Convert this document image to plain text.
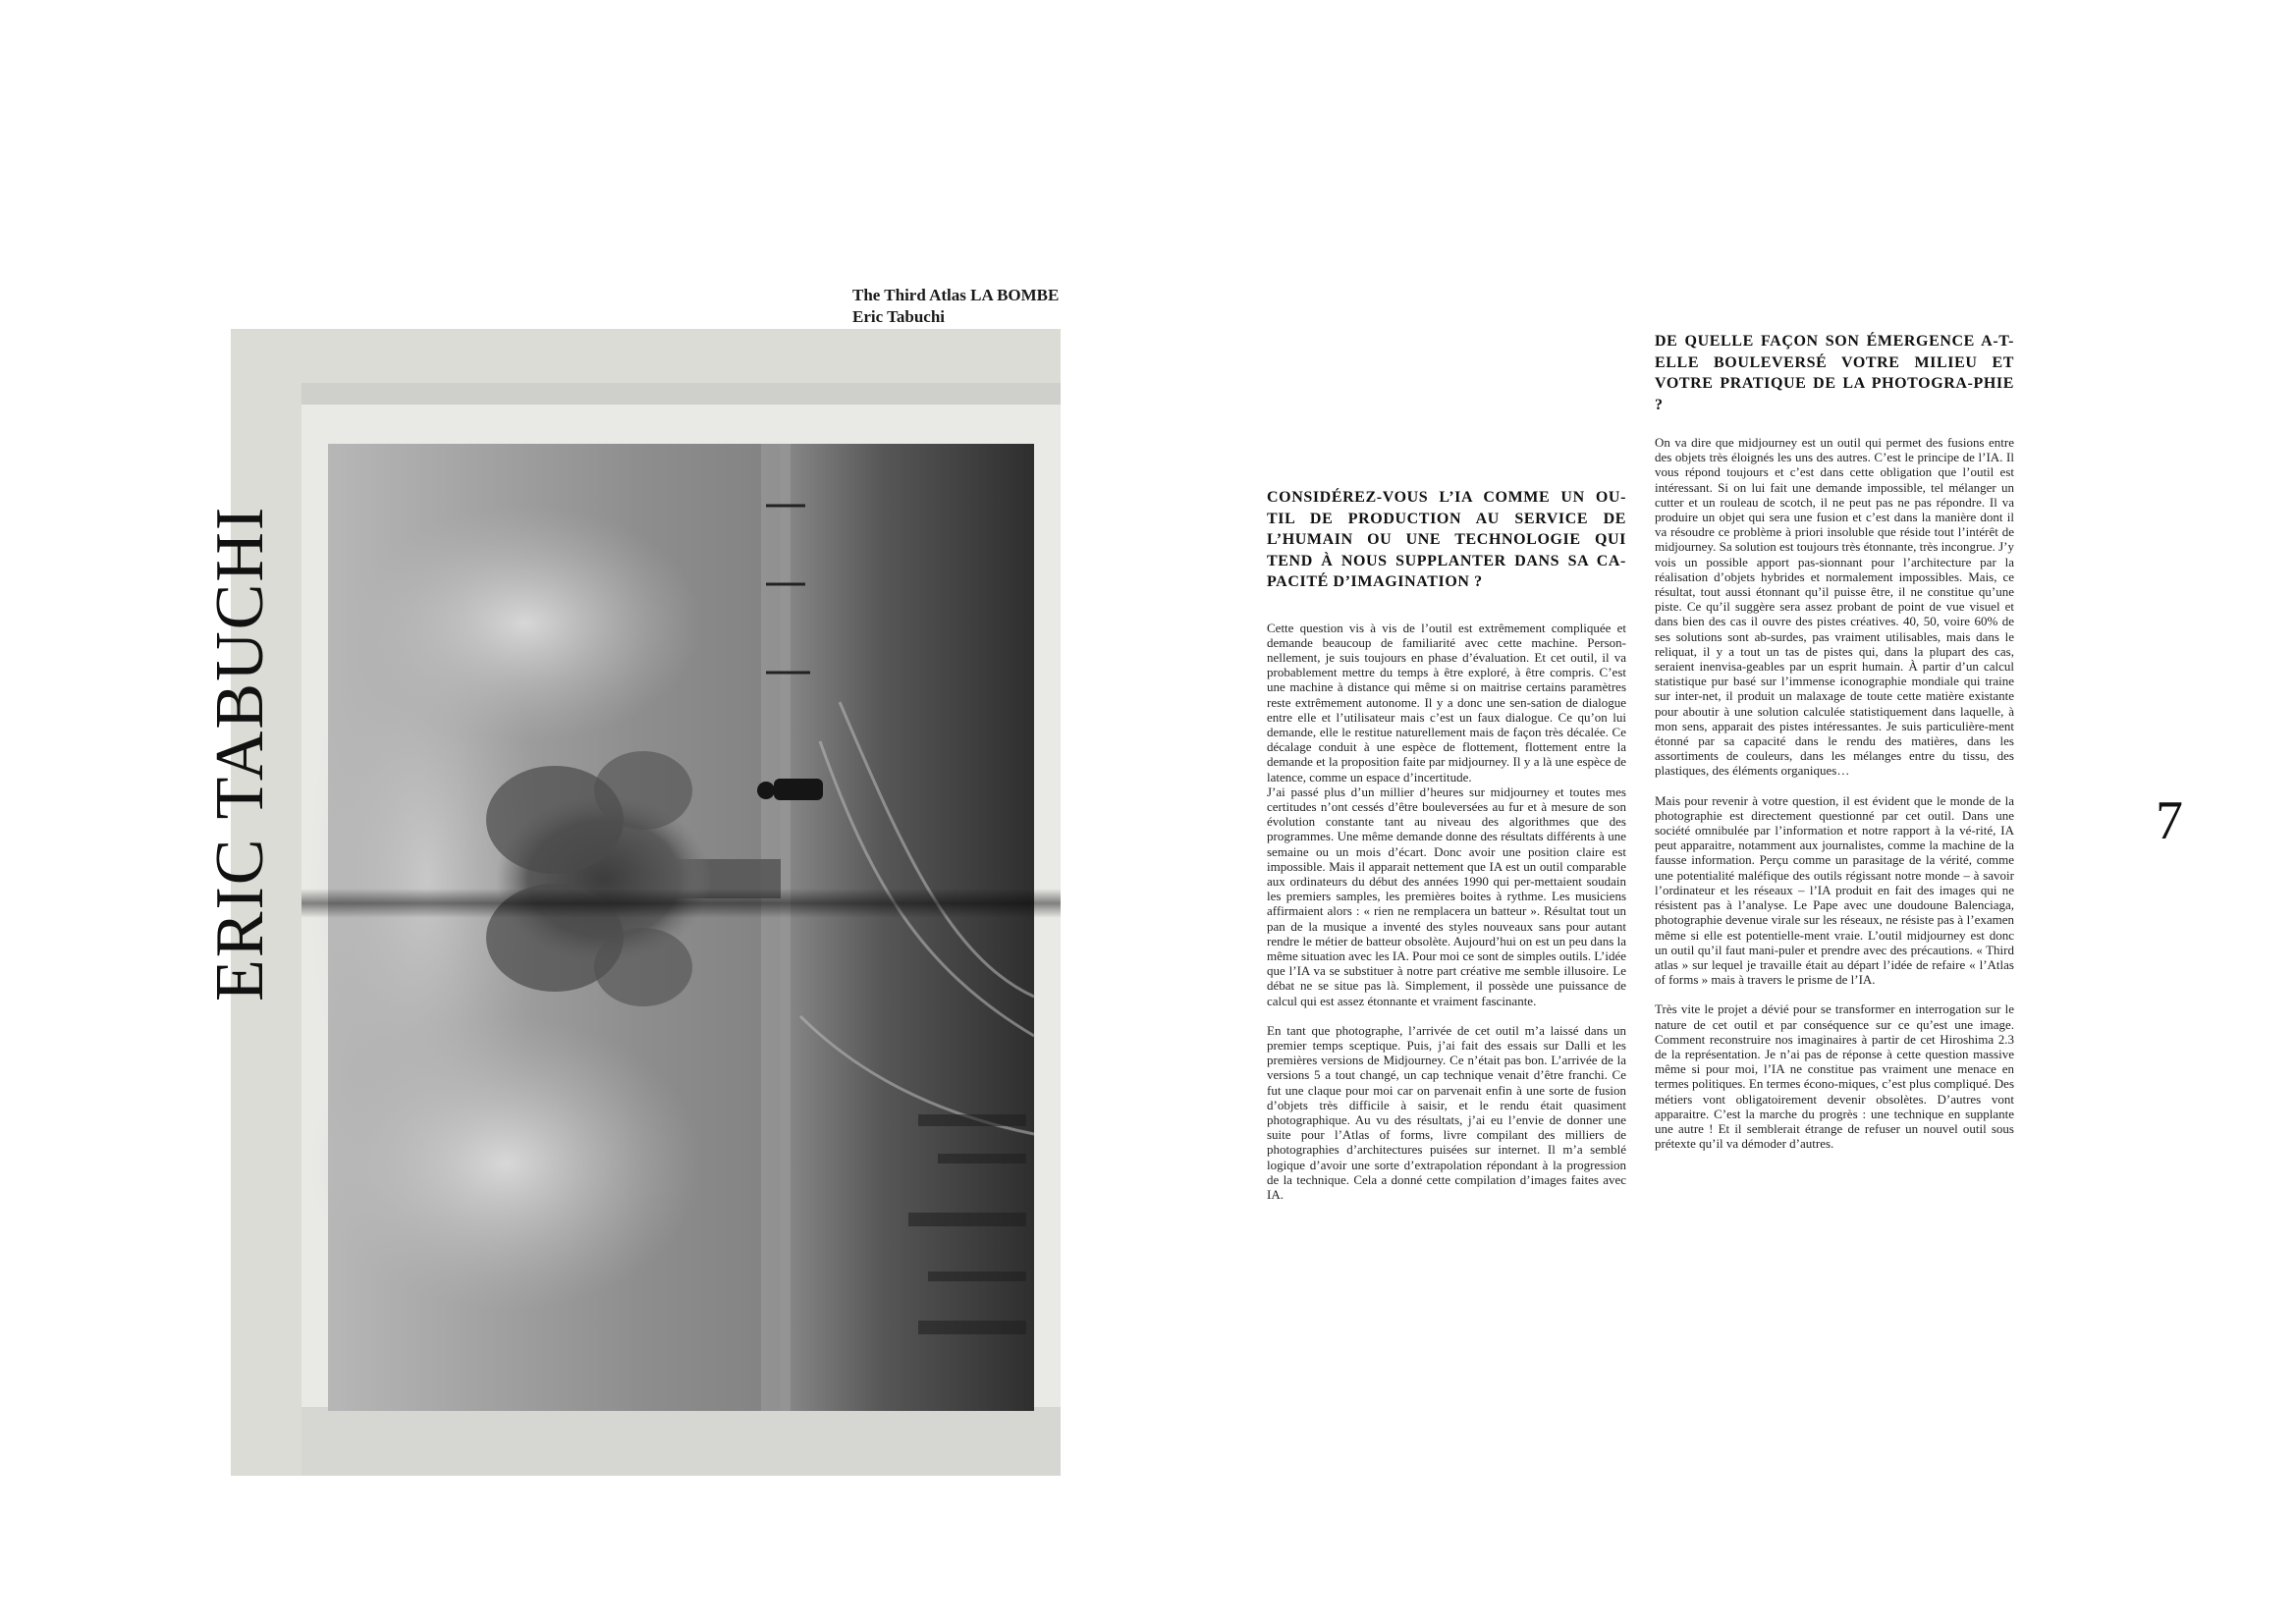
The Third Atlas LA BOMBE
Eric Tabuchi
ERIC TABUCHI
CONSIDÉREZ-VOUS L’IA COMME UN OU-TIL DE PRODUCTION AU SERVICE DE L’HUMAIN OU UNE TECHNOLOGIE QUI TEND À NOUS SUPPLANTER DANS SA CA-PACITÉ D’IMAGINATION ?

Cette question vis à vis de l’outil est extrêmement compliquée et demande beaucoup de familiarité avec cette machine. Person-nellement, je suis toujours en phase d’évaluation. Et cet outil, il va probablement mettre du temps à être exploré, à être compris. C’est une machine à distance qui même si on maitrise certains paramètres reste extrêmement autonome. Il y a donc une sen-sation de dialogue entre elle et l’utilisateur mais c’est un faux dialogue. Ce qu’on lui demande, elle le restitue naturellement mais de façon très décalée. Ce décalage conduit à une espèce de flottement, flottement entre la demande et la proposition faite par midjourney. Il y a là une espèce de latence, comme un espace d’incertitude.

J’ai passé plus d’un millier d’heures sur midjourney et toutes mes certitudes n’ont cessés d’être bouleversées au fur et à mesure de son évolution constante tant au niveau des algorithmes que des programmes. Une même demande donne des résultats différents à une semaine ou un mois d’écart. Donc avoir une position claire est impossible. Mais il apparait nettement que IA est un outil comparable aux ordinateurs du début des années 1990 qui per-mettaient soudain les premiers samples, les premières boites à rythme. Les musiciens affirmaient alors : « rien ne remplacera un batteur ». Résultat tout un pan de la musique a inventé des styles nouveaux sans pour autant rendre le métier de batteur obsolète. Aujourd’hui on est un peu dans la même situation avec les IA. Pour moi ce sont de simples outils. L’idée que l’IA va se substituer à notre part créative me semble illusoire. Le débat ne se situe pas là. Simplement, il possède une puissance de calcul qui est assez étonnante et vraiment fascinante.

En tant que photographe, l’arrivée de cet outil m’a laissé dans un premier temps sceptique. Puis, j’ai fait des essais sur Dalli et les premières versions de Midjourney. Ce n’était pas bon. L’arrivée de la versions 5 a tout changé, un cap technique venait d’être franchi. Ce fut une claque pour moi car on parvenait enfin à une sorte de fusion d’objets très difficile à saisir, et le rendu était quasiment photographique. Au vu des résultats, j’ai eu l’envie de donner une suite pour l’Atlas of forms, livre compilant des milliers de photographies d’architectures puisées sur internet. Il m’a semblé logique d’avoir une sorte d’extrapolation répondant à la progression de la technique. Cela a donné cette compilation d’images faites avec IA.

DE QUELLE FAÇON SON ÉMERGENCE A-T-ELLE BOULEVERSÉ VOTRE MILIEU ET VOTRE PRATIQUE DE LA PHOTOGRA-PHIE ?

On va dire que midjourney est un outil qui permet des fusions entre des objets très éloignés les uns des autres. C’est le principe de l’IA. Il vous répond toujours et c’est dans cette obligation que l’outil est intéressant. Si on lui fait une demande impossible, tel mélanger un cutter et un rouleau de scotch, il ne peut pas ne pas répondre. Il va produire un objet qui sera une fusion et c’est dans la manière dont il va résoudre ce problème à priori insoluble que réside tout l’intérêt de midjourney. Sa solution est toujours très étonnante, très incongrue. J’y vois un possible apport pas-sionnant pour l’architecture par la réalisation d’objets hybrides et normalement impossibles. Mais, ce résultat, tout aussi étonnant qu’il puisse être, il ne constitue qu’une piste. Ce qu’il suggère sera assez probant de point de vue visuel et dans bien des cas il ouvre des pistes créatives. 40, 50, voire 60% de ses solutions sont ab-surdes, pas vraiment utilisables, mais dans le reliquat, il y a tout un tas de pistes qui, dans la plupart des cas, seraient inenvisa-geables par un esprit humain. À partir d’un calcul statistique pur basé sur l’immense iconographie mondiale qui traine sur inter-net, il produit un malaxage de toute cette matière existante pour aboutir à une solution calculée statistiquement dans laquelle, à mon sens, apparait des pistes intéressantes. Je suis particulière-ment étonné par sa capacité dans le rendu des matières, dans les assortiments de couleurs, dans les mélanges entre du tissu, des plastiques, des éléments organiques…

Mais pour revenir à votre question, il est évident que le monde de la photographie est directement questionné par cet outil. Dans une société omnibulée par l’information et notre rapport à la vé-rité, IA peut apparaitre, notamment aux journalistes, comme la machine de la fausse information. Perçu comme un parasitage de la vérité, comme une potentialité maléfique des outils régissant notre monde – à savoir l’ordinateur et les réseaux – l’IA produit en fait des images qui ne résistent pas à l’analyse. Le Pape avec une doudoune Balenciaga, photographie devenue virale sur les réseaux, ne résiste pas à l’examen même si elle est potentielle-ment vraie. L’outil midjourney est donc un outil qu’il faut mani-puler et prendre avec des précautions. « Third atlas » sur lequel je travaille était au départ l’idée de refaire « l’Atlas of forms » mais à travers le prisme de l’IA.

Très vite le projet a dévié pour se transformer en interrogation sur le nature de cet outil et par conséquence sur ce qu’est une image. Comment reconstruire nos imaginaires à partir de cet Hiroshima 2.3 de la représentation. Je n’ai pas de réponse à cette question massive même si pour moi, l’IA ne constitue pas vraiment une menace en termes politiques. En termes écono-miques, c’est plus compliqué. Des métiers vont obligatoirement devenir obsolètes. D’autres vont apparaitre. C’est la marche du progrès : une technique en supplante une autre ! Et il semblerait étrange de refuser un nouvel outil sous prétexte qu’il va démoder d’autres.

7
